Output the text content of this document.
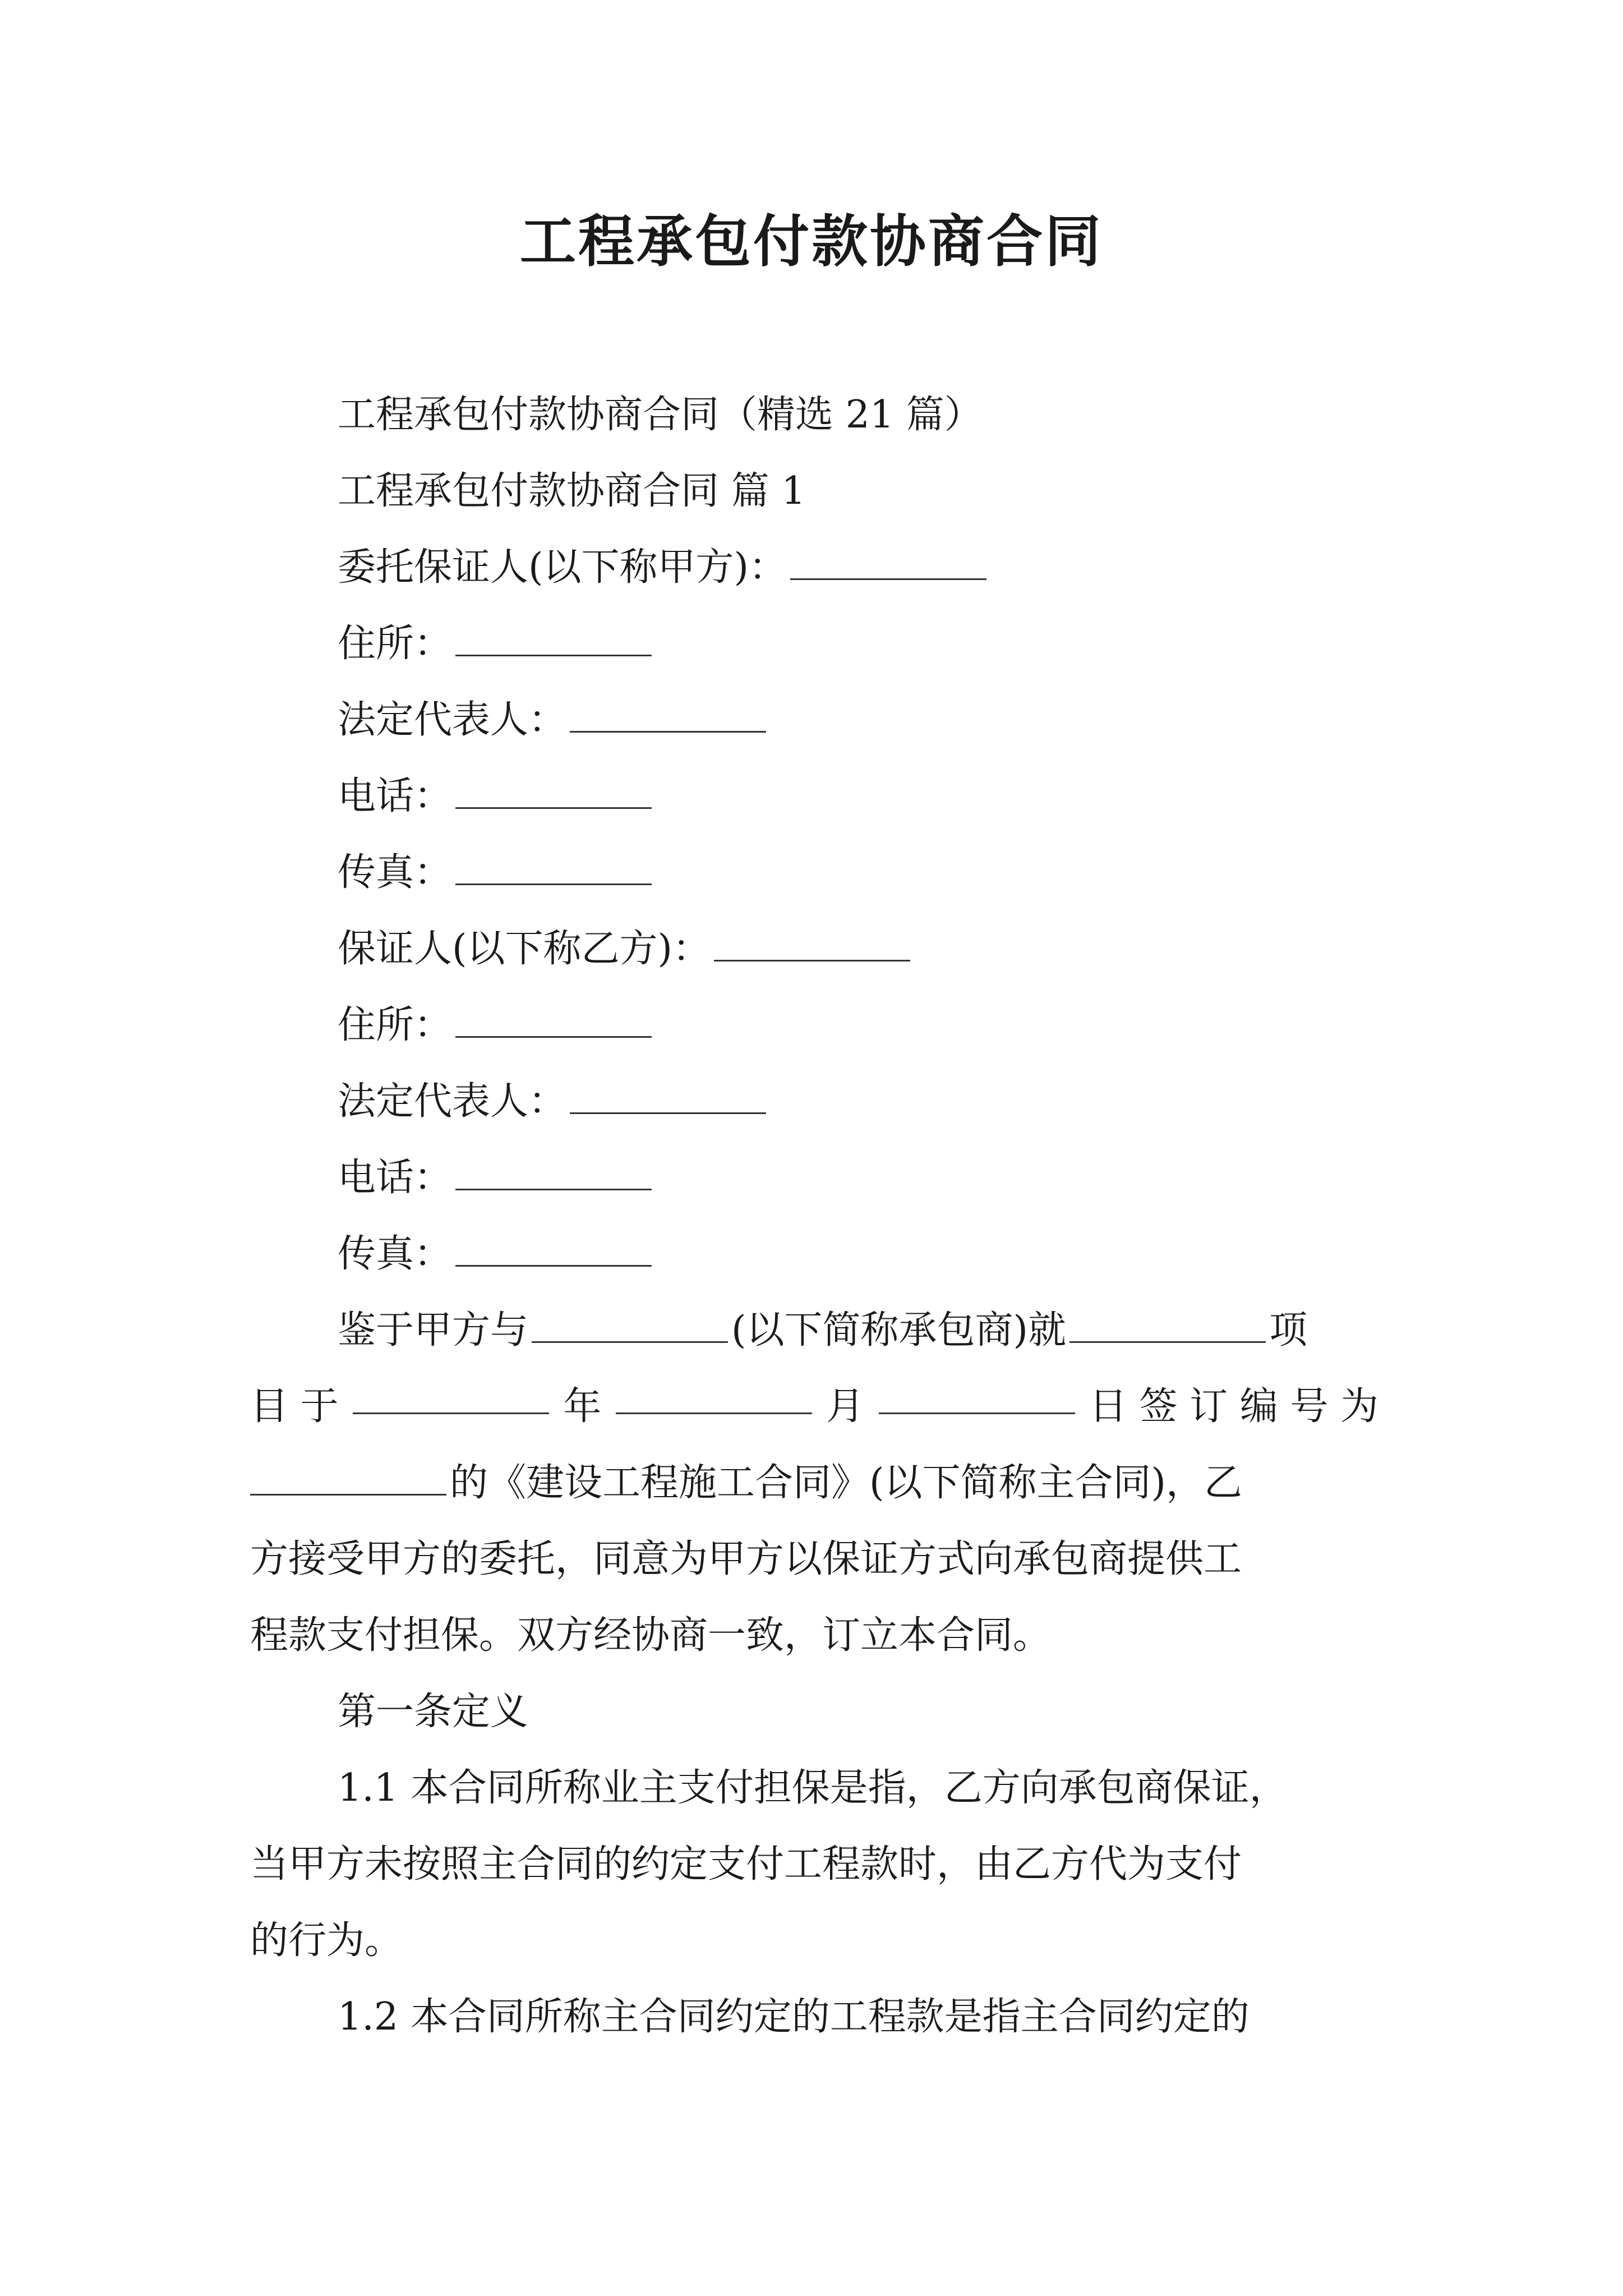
工程承包付款协商合同
工程承包付款协商合同（精选 21 篇）
工程承包付款协商合同 篇 1
委托保证人(以下称甲方)：
住所：
法定代表人：
电话：
传真：
保证人(以下称乙方)：
住所：
法定代表人：
电话：
传真：
鉴于甲方与	(以下简称承包商)就	项
目 于	年	月	日 签 订 编 号 为
的《建设工程施工合同》(以下简称主合同)，乙
方接受甲方的委托，同意为甲方以保证方式向承包商提供工
程款支付担保。双方经协商一致，订立本合同。
第一条定义
1.1 本合同所称业主支付担保是指，乙方向承包商保证，
当甲方未按照主合同的约定支付工程款时，由乙方代为支付
的行为。
1.2 本合同所称主合同约定的工程款是指主合同约定的
